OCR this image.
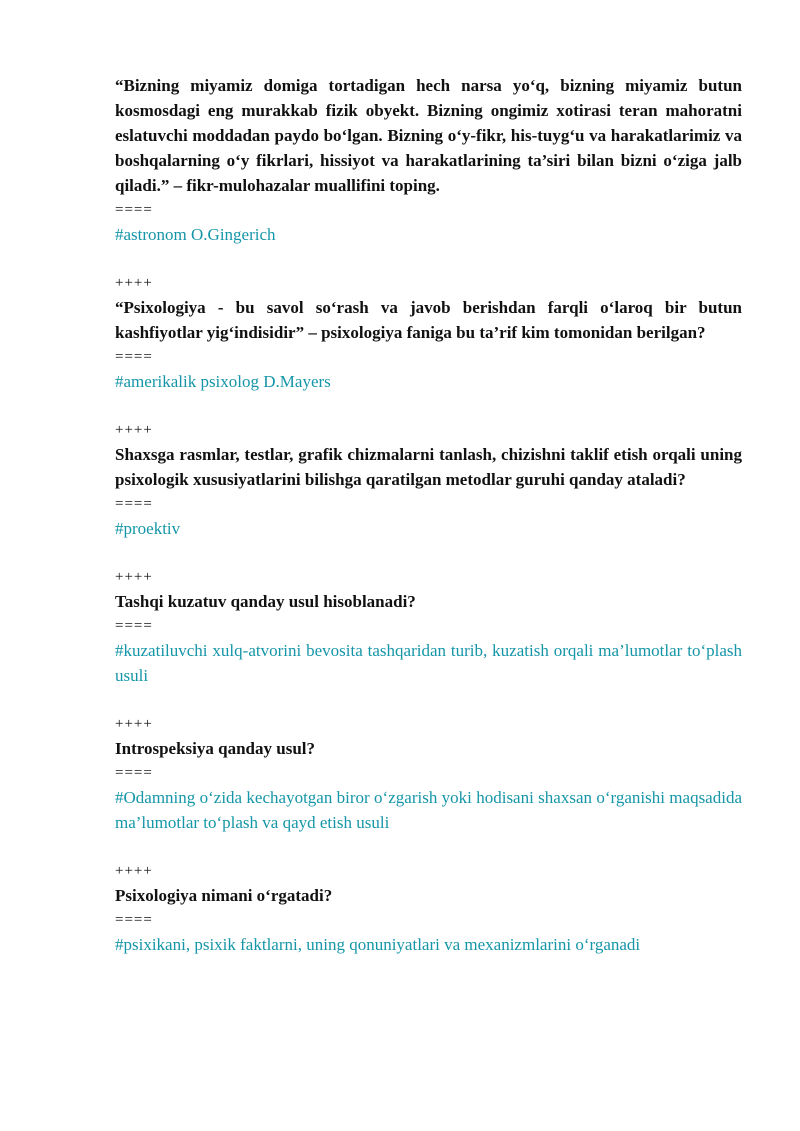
“Bizning miyamiz domiga tortadigan hech narsa yo‘q, bizning miyamiz butun kosmosdagi eng murakkab fizik obyekt. Bizning ongimiz xotirasi teran mahoratni eslatuvchi moddadan paydo bo‘lgan. Bizning o‘y-fikr, his-tuyg‘u va harakatlarimiz va boshqalarning o‘y fikrlari, hissiyot va harakatlarining ta’siri bilan bizni o‘ziga jalb qiladi.” – fikr-mulohazalar muallifini toping.

====

#astronom O.Gingerich

++++

“Psixologiya - bu savol so‘rash va javob berishdan farqli o‘laroq bir butun kashfiyotlar yig‘indisidir” – psixologiya faniga bu ta’rif kim tomonidan berilgan?

====

#amerikalik psixolog D.Mayers

++++

Shaxsga rasmlar, testlar, grafik chizmalarni tanlash, chizishni taklif etish orqali uning psixologik xususiyatlarini bilishga qaratilgan metodlar guruhi qanday ataladi?

====

#proektiv

++++

Tashqi kuzatuv qanday usul hisoblanadi?

====

#kuzatiluvchi xulq-atvorini bevosita tashqaridan turib, kuzatish orqali ma’lumotlar to‘plash usuli

++++

Introspeksiya qanday usul?

====

#Odamning o‘zida kechayotgan biror o‘zgarish yoki hodisani shaxsan o‘rganishi maqsadida ma’lumotlar to‘plash va qayd etish usuli

++++

Psixologiya nimani o‘rgatadi?

====

#psixikani, psixik faktlarni, uning qonuniyatlari va mexanizmlarini o‘rganadi
